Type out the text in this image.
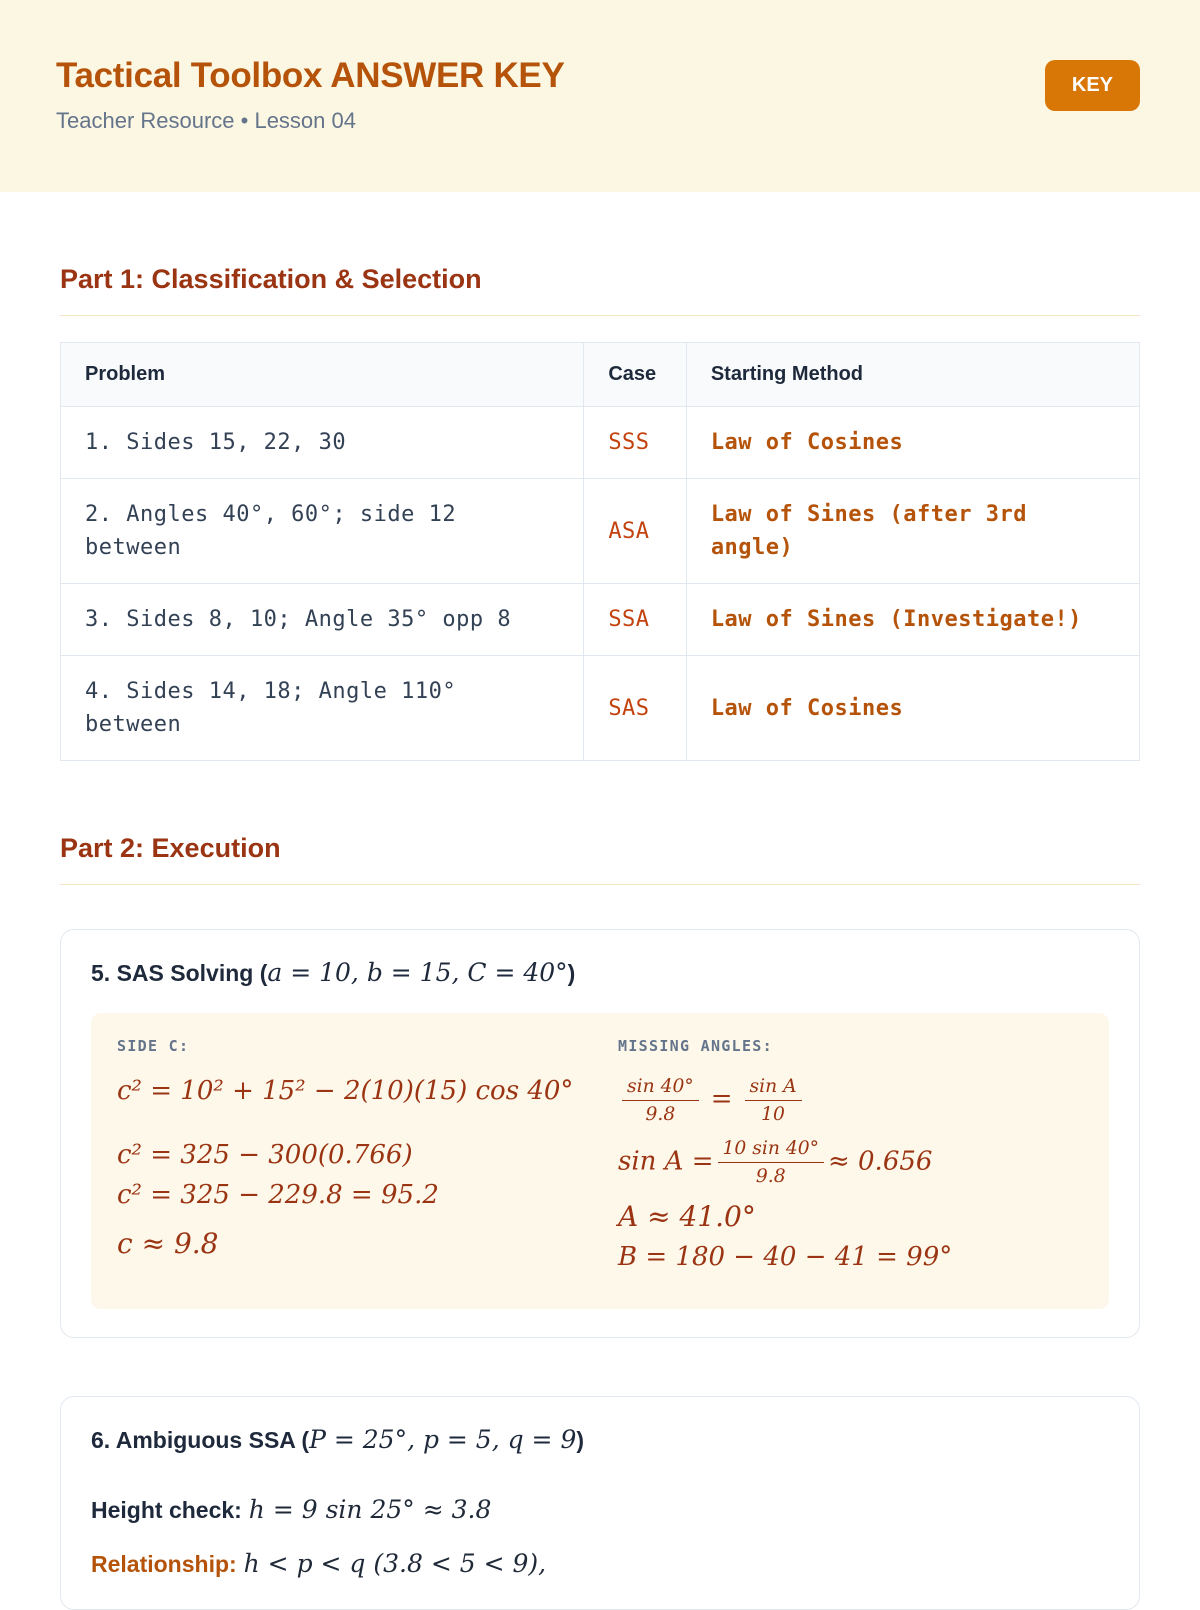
Tactical Toolbox ANSWER KEY

Teacher Resource • Lesson 04

KEY
Part 1: Classification & Selection
Problem	Case	Starting Method
1. Sides 15, 22, 30	SSS	Law of Cosines
2. Angles 40°, 60°; side 12 between	ASA	Law of Sines (after 3rd angle)
3. Sides 8, 10; Angle 35° opp 8	SSA	Law of Sines (Investigate!)
4. Sides 14, 18; Angle 110° between	SAS	Law of Cosines
Part 2: Execution
5. SAS Solving (a = 10, b = 15, C = 40°)
SIDE C:
c² = 10² + 15² − 2(10)(15) cos 40°
c² = 325 − 300(0.766)
c² = 325 − 229.8 = 95.2
c ≈ 9.8
MISSING ANGLES:
$\frac{\sin 40^\circ}{9.8} = \frac{\text{sin A}}{10}$
$\sin A = \frac{10 \sin 40^\circ}{9.8} \approx 0.656$
A ≈ 41.0°
B = 180 − 40 − 41 = 99°
6. Ambiguous SSA (P = 25°, p = 5, q = 9)
Height check: h = 9 sin 25° ≈ 3.8
Relationship: h < p < q (3.8 < 5 < 9),
